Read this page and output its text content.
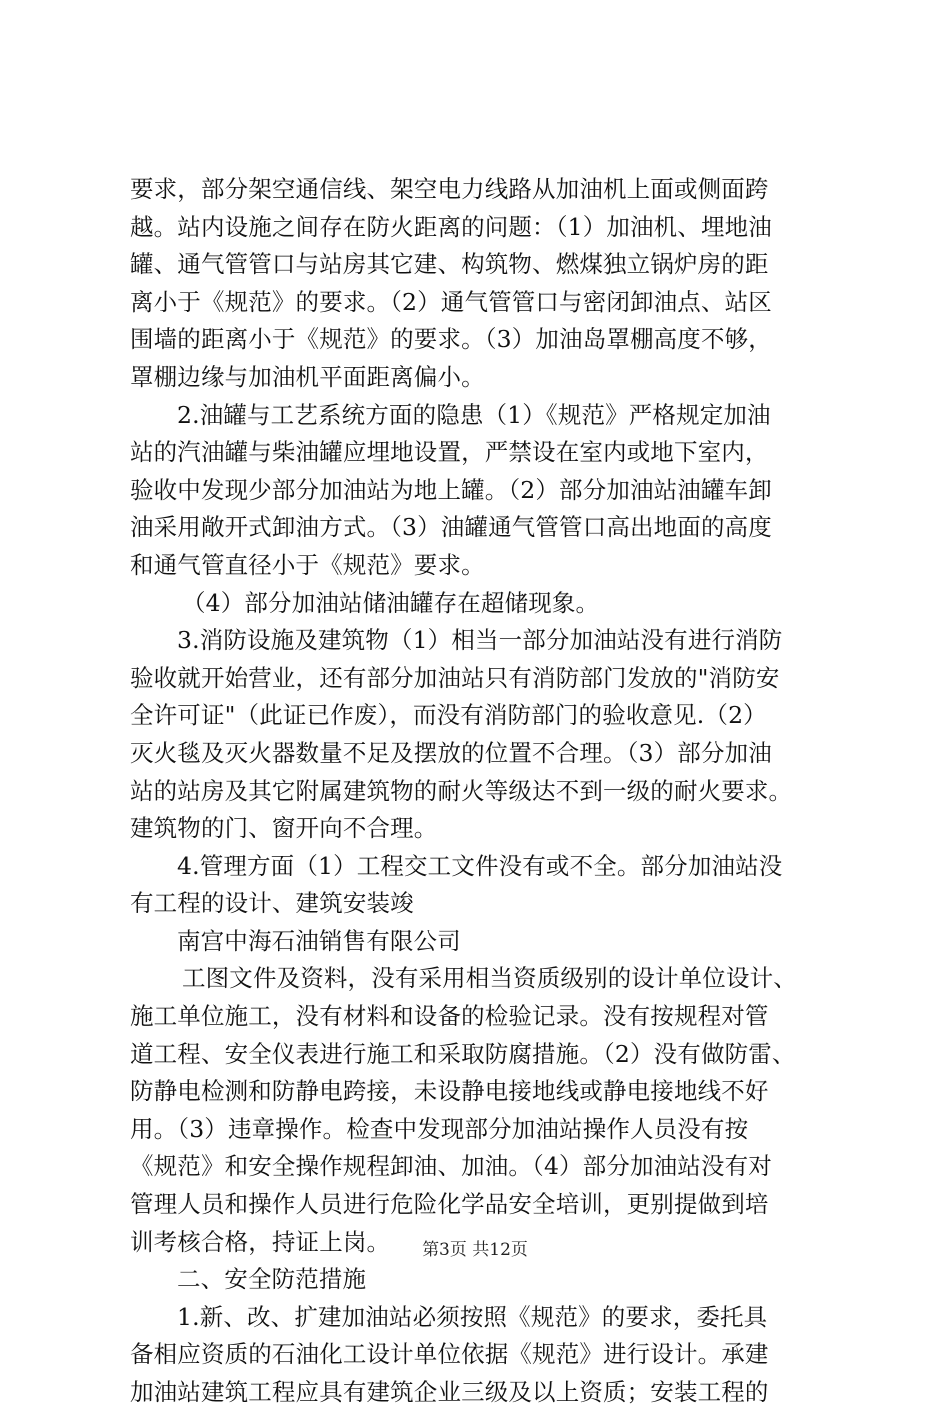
要求，部分架空通信线、架空电力线路从加油机上面或侧面跨
越。站内设施之间存在防火距离的问题：（1）加油机、埋地油
罐、通气管管口与站房其它建、构筑物、燃煤独立锅炉房的距
离小于《规范》的要求。（2）通气管管口与密闭卸油点、站区
围墙的距离小于《规范》的要求。（3）加油岛罩棚高度不够，
罩棚边缘与加油机平面距离偏小。
2.油罐与工艺系统方面的隐患（1）《规范》严格规定加油
站的汽油罐与柴油罐应埋地设置，严禁设在室内或地下室内，
验收中发现少部分加油站为地上罐。（2）部分加油站油罐车卸
油采用敞开式卸油方式。（3）油罐通气管管口高出地面的高度
和通气管直径小于《规范》要求。
（4）部分加油站储油罐存在超储现象。
3.消防设施及建筑物（1）相当一部分加油站没有进行消防
验收就开始营业，还有部分加油站只有消防部门发放的"消防安
全许可证"（此证已作废），而没有消防部门的验收意见.（2）
灭火毯及灭火器数量不足及摆放的位置不合理。（3）部分加油
站的站房及其它附属建筑物的耐火等级达不到一级的耐火要求。
建筑物的门、窗开向不合理。
4.管理方面（1）工程交工文件没有或不全。部分加油站没
有工程的设计、建筑安装竣
南宫中海石油销售有限公司
工图文件及资料，没有采用相当资质级别的设计单位设计、
施工单位施工，没有材料和设备的检验记录。没有按规程对管
道工程、安全仪表进行施工和采取防腐措施。（2）没有做防雷、
防静电检测和防静电跨接，未设静电接地线或静电接地线不好
用。（3）违章操作。检查中发现部分加油站操作人员没有按
《规范》和安全操作规程卸油、加油。（4）部分加油站没有对
管理人员和操作人员进行危险化学品安全培训，更别提做到培
训考核合格，持证上岗。
二、安全防范措施
1.新、改、扩建加油站必须按照《规范》的要求，委托具
备相应资质的石油化工设计单位依据《规范》进行设计。承建
加油站建筑工程应具有建筑企业三级及以上资质；安装工程的
第3页 共12页
